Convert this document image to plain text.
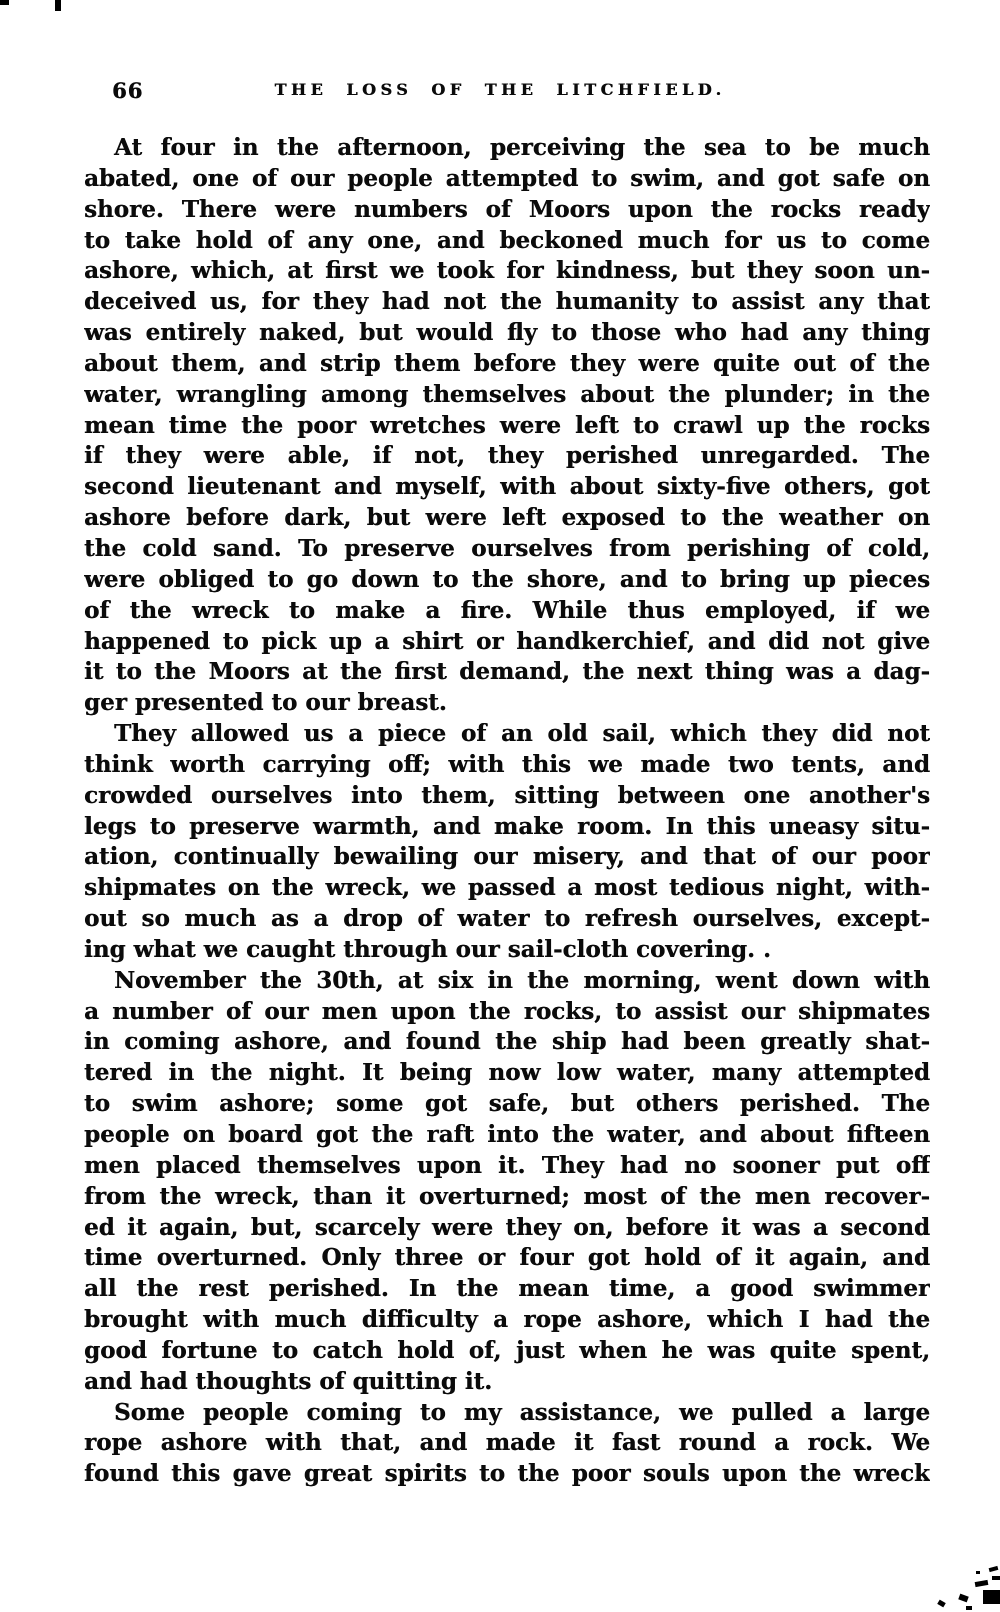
66	THE LOSS OF THE LITCHFIELD.
At four in the afternoon, perceiving the sea to be much
abated, one of our people attempted to swim, and got safe on
shore. There were numbers of Moors upon the rocks ready
to take hold of any one, and beckoned much for us to come
ashore, which, at first we took for kindness, but they soon un-
deceived us, for they had not the humanity to assist any that
was entirely naked, but would fly to those who had any thing
about them, and strip them before they were quite out of the
water, wrangling among themselves about the plunder; in the
mean time the poor wretches were left to crawl up the rocks
if they were able, if not, they perished unregarded. The
second lieutenant and myself, with about sixty-five others, got
ashore before dark, but were left exposed to the weather on
the cold sand. To preserve ourselves from perishing of cold,
were obliged to go down to the shore, and to bring up pieces
of the wreck to make a fire. While thus employed, if we
happened to pick up a shirt or handkerchief, and did not give
it to the Moors at the first demand, the next thing was a dag-
ger presented to our breast.
They allowed us a piece of an old sail, which they did not
think worth carrying off; with this we made two tents, and
crowded ourselves into them, sitting between one another's
legs to preserve warmth, and make room. In this uneasy situ-
ation, continually bewailing our misery, and that of our poor
shipmates on the wreck, we passed a most tedious night, with-
out so much as a drop of water to refresh ourselves, except-
ing what we caught through our sail-cloth covering. .
November the 30th, at six in the morning, went down with
a number of our men upon the rocks, to assist our shipmates
in coming ashore, and found the ship had been greatly shat-
tered in the night. It being now low water, many attempted
to swim ashore; some got safe, but others perished. The
people on board got the raft into the water, and about fifteen
men placed themselves upon it. They had no sooner put off
from the wreck, than it overturned; most of the men recover-
ed it again, but, scarcely were they on, before it was a second
time overturned. Only three or four got hold of it again, and
all the rest perished. In the mean time, a good swimmer
brought with much difficulty a rope ashore, which I had the
good fortune to catch hold of, just when he was quite spent,
and had thoughts of quitting it.
Some people coming to my assistance, we pulled a large
rope ashore with that, and made it fast round a rock. We
found this gave great spirits to the poor souls upon the wreck
